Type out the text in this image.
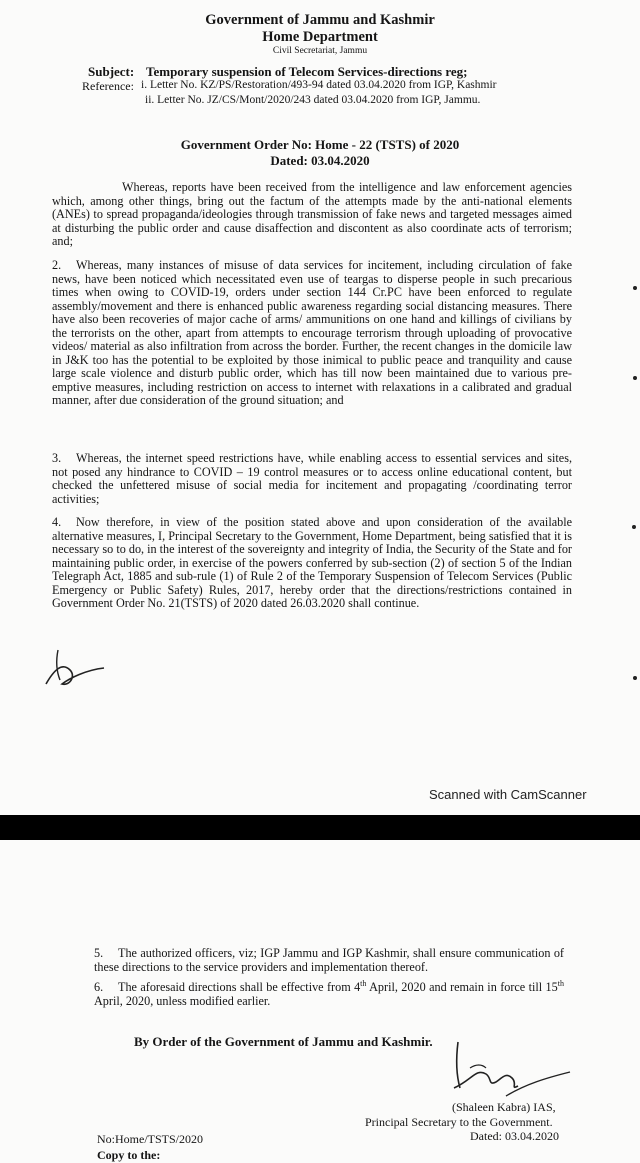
Government of Jammu and Kashmir
Home Department
Civil Secretariat, Jammu
Subject: Temporary suspension of Telecom Services-directions reg;
Reference: i. Letter No. KZ/PS/Restoration/493-94 dated 03.04.2020 from IGP, Kashmir
ii. Letter No. JZ/CS/Mont/2020/243 dated 03.04.2020 from IGP, Jammu.
Government Order No: Home - 22 (TSTS) of 2020
Dated: 03.04.2020
Whereas, reports have been received from the intelligence and law enforcement agencies which, among other things, bring out the factum of the attempts made by the anti-national elements (ANEs) to spread propaganda/ideologies through transmission of fake news and targeted messages aimed at disturbing the public order and cause disaffection and discontent as also coordinate acts of terrorism; and;
2. Whereas, many instances of misuse of data services for incitement, including circulation of fake news, have been noticed which necessitated even use of teargas to disperse people in such precarious times when owing to COVID-19, orders under section 144 Cr.PC have been enforced to regulate assembly/movement and there is enhanced public awareness regarding social distancing measures. There have also been recoveries of major cache of arms/ ammunitions on one hand and killings of civilians by the terrorists on the other, apart from attempts to encourage terrorism through uploading of provocative videos/ material as also infiltration from across the border. Further, the recent changes in the domicile law in J&K too has the potential to be exploited by those inimical to public peace and tranquility and cause large scale violence and disturb public order, which has till now been maintained due to various pre-emptive measures, including restriction on access to internet with relaxations in a calibrated and gradual manner, after due consideration of the ground situation; and
3. Whereas, the internet speed restrictions have, while enabling access to essential services and sites, not posed any hindrance to COVID – 19 control measures or to access online educational content, but checked the unfettered misuse of social media for incitement and propagating /coordinating terror activities;
4. Now therefore, in view of the position stated above and upon consideration of the available alternative measures, I, Principal Secretary to the Government, Home Department, being satisfied that it is necessary so to do, in the interest of the sovereignty and integrity of India, the Security of the State and for maintaining public order, in exercise of the powers conferred by sub-section (2) of section 5 of the Indian Telegraph Act, 1885 and sub-rule (1) of Rule 2 of the Temporary Suspension of Telecom Services (Public Emergency or Public Safety) Rules, 2017, hereby order that the directions/restrictions contained in Government Order No. 21(TSTS) of 2020 dated 26.03.2020 shall continue.
Scanned with CamScanner
5. The authorized officers, viz; IGP Jammu and IGP Kashmir, shall ensure communication of these directions to the service providers and implementation thereof.
6. The aforesaid directions shall be effective from 4th April, 2020 and remain in force till 15th April, 2020, unless modified earlier.
By Order of the Government of Jammu and Kashmir.
(Shaleen Kabra) IAS,
Principal Secretary to the Government.
Dated: 03.04.2020
No:Home/TSTS/2020
Copy to the:
